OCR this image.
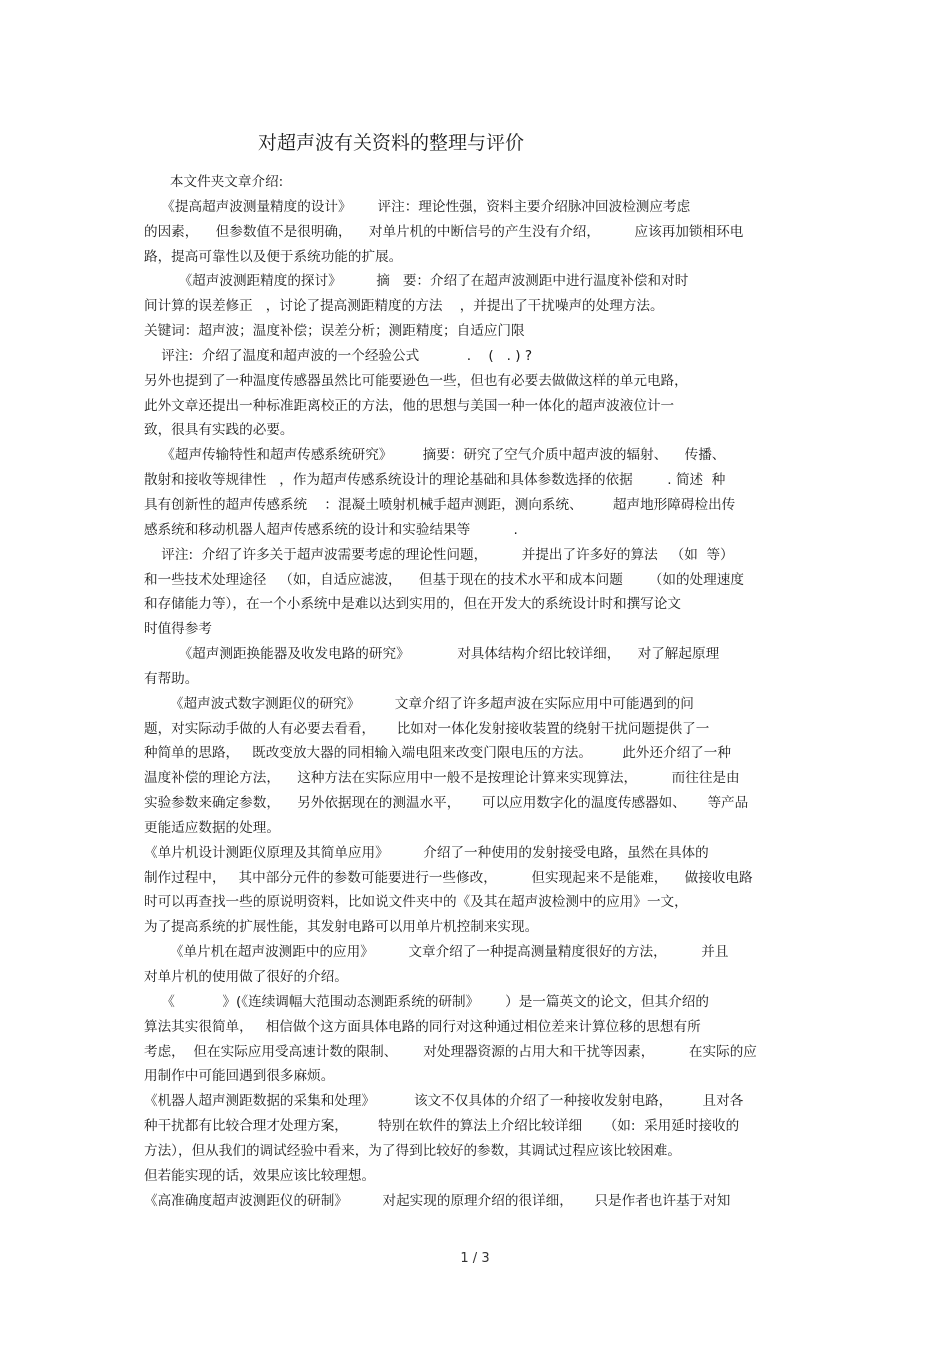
对超声波有关资料的整理与评价
本文件夹文章介绍:
《提高超声波测量精度的设计》      评注：理论性强，资料主要介绍脉冲回波检测应考虑
的因素，    但参数值不是很明确，    对单片机的中断信号的产生没有介绍，        应该再加锁相环电
路，提高可靠性以及便于系统功能的扩展。
《超声波测距精度的探讨》        摘   要：介绍了在超声波测距中进行温度补偿和对时
间计算的误差修正   ，讨论了提高测距精度的方法    ，并提出了干扰噪声的处理方法。
关键词：超声波；温度补偿；误差分析；测距精度；自适应门限
评注:  介绍了温度和超声波的一个经验公式           .    (   . ) ?
另外也提到了一种温度传感器虽然比可能要逊色一些，但也有必要去做做这样的单元电路，
此外文章还提出一种标准距离校正的方法，他的思想与美国一种一体化的超声波液位计一
致，很具有实践的必要。
《超声传输特性和超声传感系统研究》       摘要：研究了空气介质中超声波的辐射、    传播、
散射和接收等规律性   ，作为超声传感系统设计的理论基础和具体参数选择的依据        . 简述  种
具有创新性的超声传感系统    ：混凝土喷射机械手超声测距，测向系统、       超声地形障碍检出传
感系统和移动机器人超声传感系统的设计和实验结果等          .
评注:  介绍了许多关于超声波需要考虑的理论性问题，        并提出了许多好的算法   （如  等）
和一些技术处理途径   （如，自适应滤波，    但基于现在的技术水平和成本问题      （如的处理速度
和存储能力等），在一个小系统中是难以达到实用的，但在开发大的系统设计时和撰写论文
时值得参考
《超声测距换能器及收发电路的研究》           对具体结构介绍比较详细，    对了解起原理
有帮助。
《超声波式数字测距仪的研究》        文章介绍了许多超声波在实际应用中可能遇到的问
题，对实际动手做的人有必要去看看，     比如对一体化发射接收装置的绕射干扰问题提供了一
种简单的思路，   既改变放大器的同相输入端电阻来改变门限电压的方法。       此外还介绍了一种
温度补偿的理论方法，    这种方法在实际应用中一般不是按理论计算来实现算法，        而往往是由
实验参数来确定参数，    另外依据现在的测温水平，     可以应用数字化的温度传感器如、     等产品
更能适应数据的处理。
《单片机设计测距仪原理及其简单应用》        介绍了一种使用的发射接受电路，虽然在具体的
制作过程中，   其中部分元件的参数可能要进行一些修改，        但实现起来不是能难，    做接收电路
时可以再查找一些的原说明资料，比如说文件夹中的《及其在超声波检测中的应用》一文，
为了提高系统的扩展性能，其发射电路可以用单片机控制来实现。
《单片机在超声波测距中的应用》        文章介绍了一种提高测量精度很好的方法，        并且
对单片机的使用做了很好的介绍。
《           》(《连续调幅大范围动态测距系统的研制》      ）是一篇英文的论文，但其介绍的
算法其实很简单，   相信做个这方面具体电路的同行对这种通过相位差来计算位移的思想有所
考虑，  但在实际应用受高速计数的限制、      对处理器资源的占用大和干扰等因素，        在实际的应
用制作中可能回遇到很多麻烦。
《机器人超声测距数据的采集和处理》         该文不仅具体的介绍了一种接收发射电路，       且对各
种干扰都有比较合理才处理方案，       特别在软件的算法上介绍比较详细     （如:  采用延时接收的
方法），但从我们的调试经验中看来，为了得到比较好的参数，其调试过程应该比较困难。
但若能实现的话，效果应该比较理想。
《高准确度超声波测距仪的研制》        对起实现的原理介绍的很详细，     只是作者也许基于对知
1 / 3
